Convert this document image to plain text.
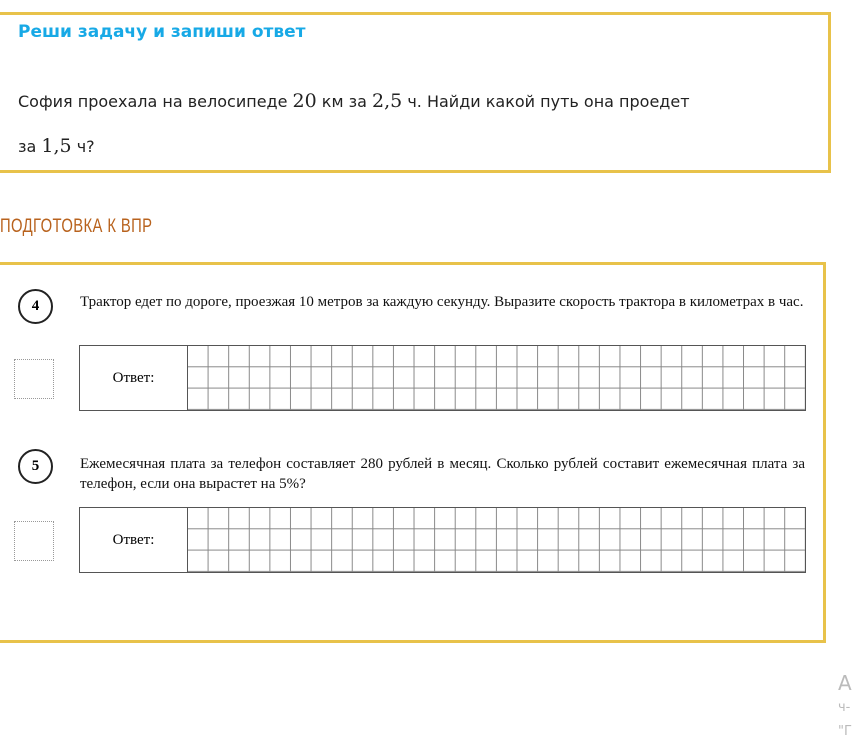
Реши задачу и запиши ответ
София проехала на велосипеде 20 км за 2,5 ч. Найди какой путь она проедет
за 1,5 ч?
ПОДГОТОВКА К ВПР
4	Трактор едет по дороге, проезжая 10 метров за каждую секунду. Выразите скорость трактора в километрах в час.
Ответ:
5	Ежемесячная плата за телефон составляет 280 рублей в месяц. Сколько рублей составит ежемесячная плата за телефон, если она вырастет на 5%?
Ответ:
А
ч-
"Г
